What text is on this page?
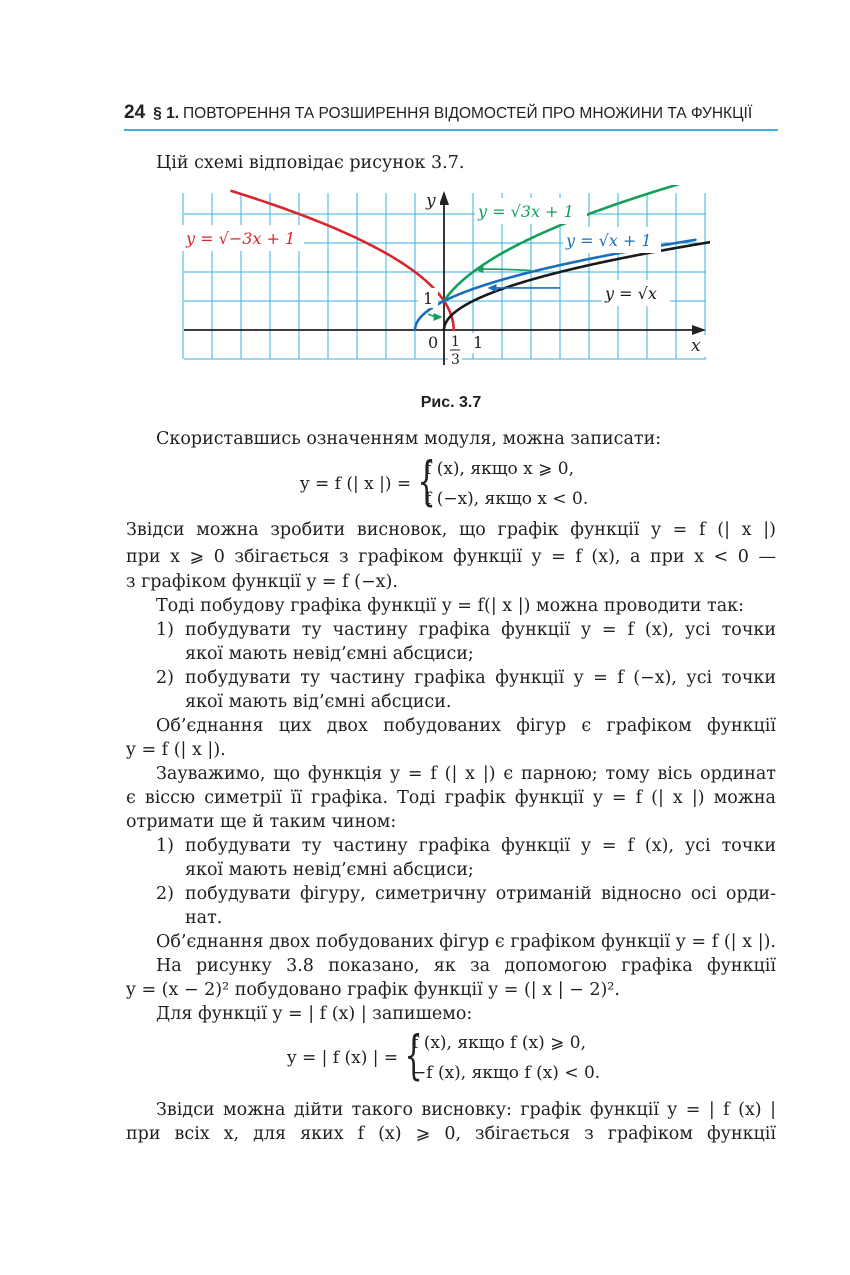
24 § 1. ПОВТОРЕННЯ ТА РОЗШИРЕННЯ ВІДОМОСТЕЙ ПРО МНОЖИНИ ТА ФУНКЦІЇ
Цій схемі відповідає рисунок 3.7.
y = √−3x + 1
y = √3x + 1
y = √x + 1
y = √x
y
x
1
0 1
3
1
Рис. 3.7
Скориставшись означенням модуля, можна записати:
y = f (| x |) = {
f (x), якщо x ⩾ 0,
f (−x), якщо x < 0.
Звідси можна зробити висновок, що графік функції y = f (| x |)
при x ⩾ 0 збігається з графіком функції y = f (x), а при x < 0 —
з графіком функції y = f (−x).
Тоді побудову графіка функції y = f(| x |) можна проводити так:
1) побудувати ту частину графіка функції y = f (x), усі точки
якої мають невід’ємні абсциси;
2) побудувати ту частину графіка функції y = f (−x), усі точки
якої мають від’ємні абсциси.
Об’єднання цих двох побудованих фігур є графіком функції
y = f (| x |).
Зауважимо, що функція y = f (| x |) є парною; тому вісь ординат
є віссю симетрії її графіка. Тоді графік функції y = f (| x |) можна
отримати ще й таким чином:
1) побудувати ту частину графіка функції y = f (x), усі точки
якої мають невід’ємні абсциси;
2) побудувати фігуру, симетричну отриманій відносно осі орди-
нат.
Об’єднання двох побудованих фігур є графіком функції y = f (| x |).
На рисунку 3.8 показано, як за допомогою графіка функції
y = (x − 2)² побудовано графік функції y = (| x | − 2)².
Для функції y = | f (x) | запишемо:
y = | f (x) | = {
f (x), якщо f (x) ⩾ 0,
−f (x), якщо f (x) < 0.
Звідси можна дійти такого висновку: графік функції y = | f (x) |
при всіх x, для яких f (x) ⩾ 0, збігається з графіком функції
